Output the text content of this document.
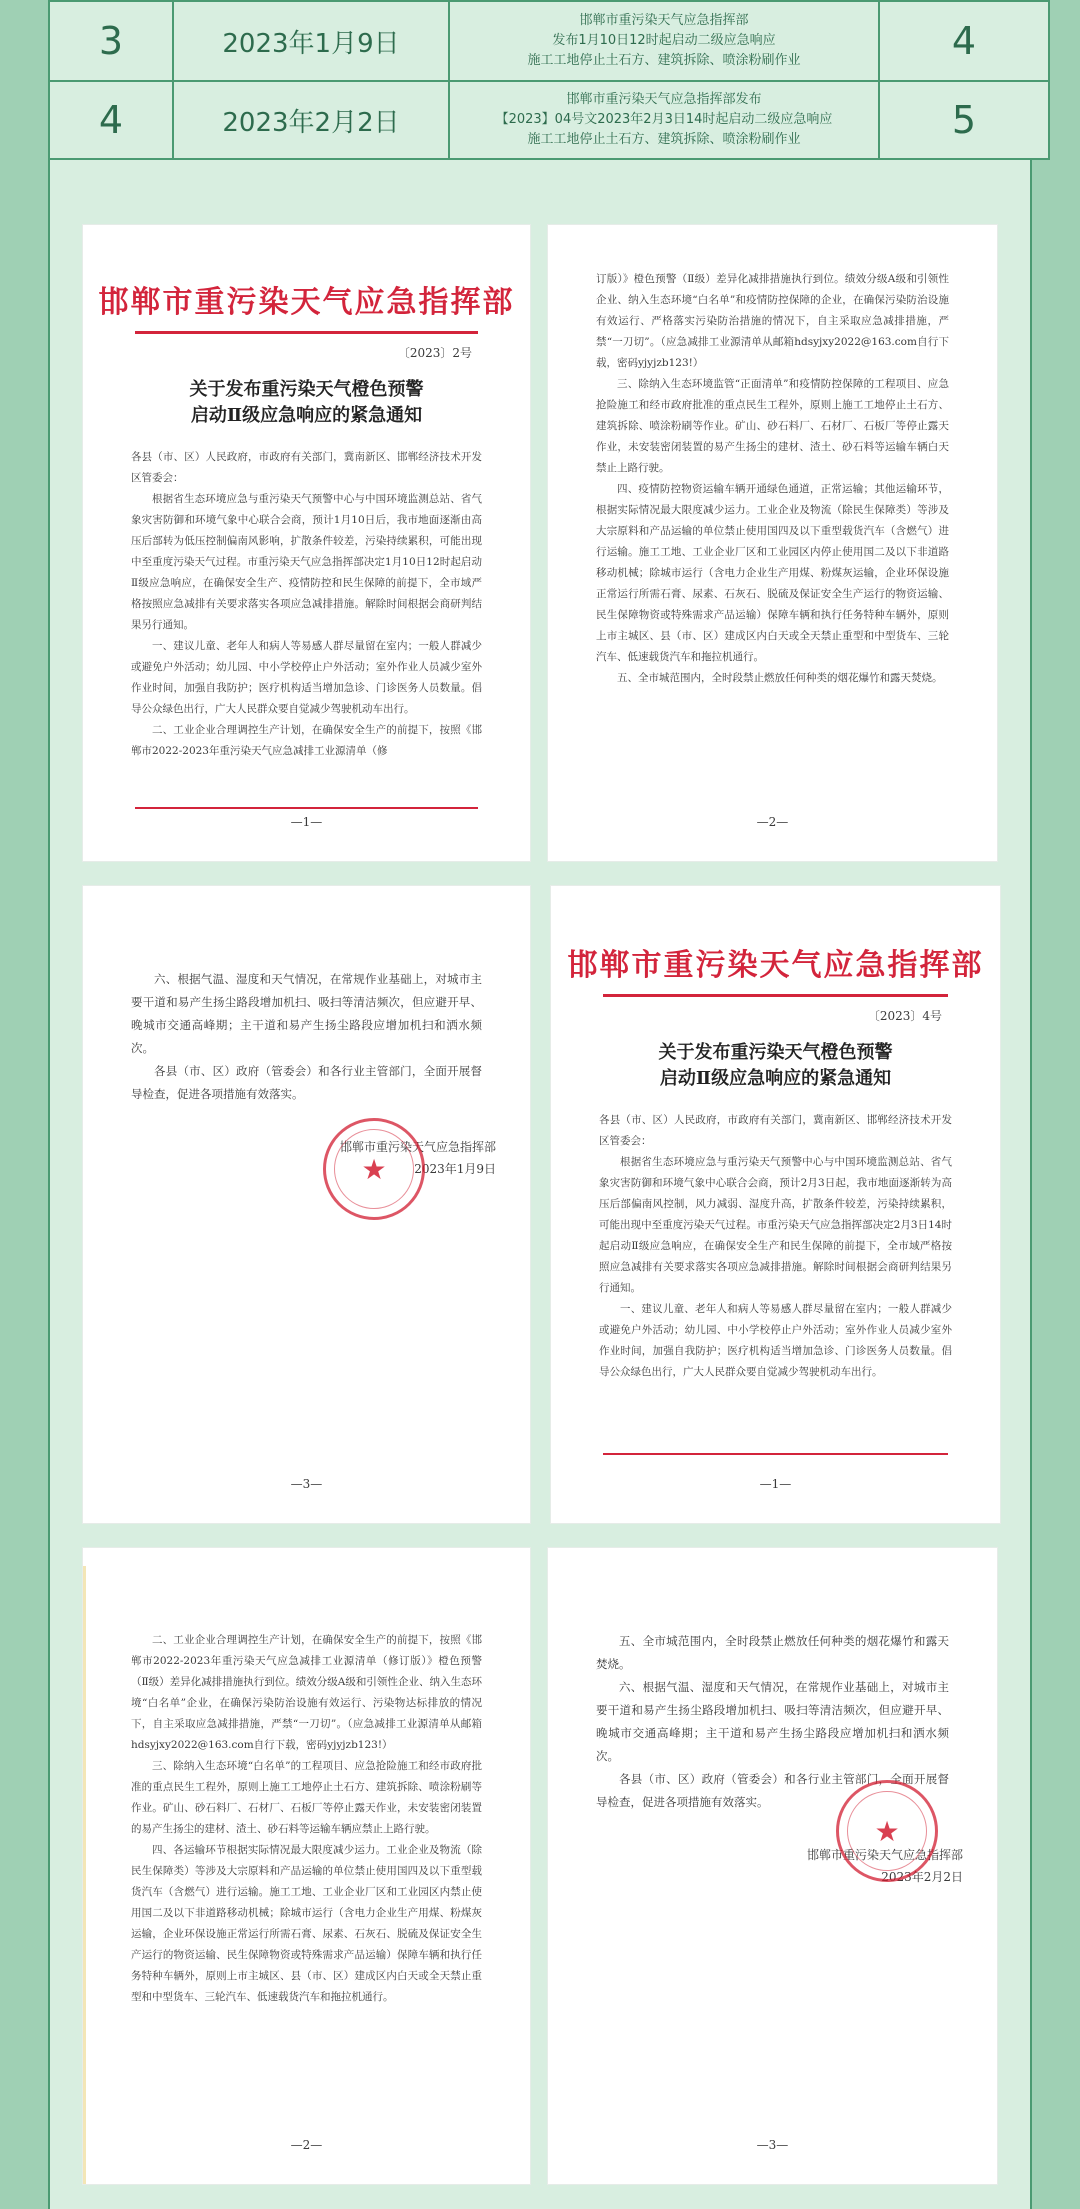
3	2023年1月9日	邯郸市重污染天气应急指挥部
发布1月10日12时起启动二级应急响应
施工工地停止土石方、建筑拆除、喷涂粉刷作业	4
4	2023年2月2日	邯郸市重污染天气应急指挥部发布
【2023】04号文2023年2月3日14时起启动二级应急响应
施工工地停止土石方、建筑拆除、喷涂粉刷作业	5
邯郸市重污染天气应急指挥部
〔2023〕2号
关于发布重污染天气橙色预警
启动Ⅱ级应急响应的紧急通知

各县（市、区）人民政府，市政府有关部门，冀南新区、邯郸经济技术开发区管委会：

根据省生态环境应急与重污染天气预警中心与中国环境监测总站、省气象灾害防御和环境气象中心联合会商，预计1月10日后，我市地面逐渐由高压后部转为低压控制偏南风影响，扩散条件较差，污染持续累积，可能出现中至重度污染天气过程。市重污染天气应急指挥部决定1月10日12时起启动Ⅱ级应急响应，在确保安全生产、疫情防控和民生保障的前提下，全市域严格按照应急减排有关要求落实各项应急减排措施。解除时间根据会商研判结果另行通知。

一、建议儿童、老年人和病人等易感人群尽量留在室内；一般人群减少或避免户外活动；幼儿园、中小学校停止户外活动；室外作业人员减少室外作业时间，加强自我防护；医疗机构适当增加急诊、门诊医务人员数量。倡导公众绿色出行，广大人民群众要自觉减少驾驶机动车出行。

二、工业企业合理调控生产计划，在确保安全生产的前提下，按照《邯郸市2022-2023年重污染天气应急减排工业源清单（修

—1—

订版）》橙色预警（Ⅱ级）差异化减排措施执行到位。绩效分级A级和引领性企业、纳入生态环境“白名单”和疫情防控保障的企业，在确保污染防治设施有效运行、严格落实污染防治措施的情况下，自主采取应急减排措施，严禁“一刀切”。（应急减排工业源清单从邮箱hdsyjxy2022@163.com自行下载，密码yjyjzb123!）

三、除纳入生态环境监管“正面清单”和疫情防控保障的工程项目、应急抢险施工和经市政府批准的重点民生工程外，原则上施工工地停止土石方、建筑拆除、喷涂粉刷等作业。矿山、砂石料厂、石材厂、石板厂等停止露天作业，未安装密闭装置的易产生扬尘的建材、渣土、砂石料等运输车辆白天禁止上路行驶。

四、疫情防控物资运输车辆开通绿色通道，正常运输；其他运输环节，根据实际情况最大限度减少运力。工业企业及物流（除民生保障类）等涉及大宗原料和产品运输的单位禁止使用国四及以下重型载货汽车（含燃气）进行运输。施工工地、工业企业厂区和工业园区内停止使用国二及以下非道路移动机械；除城市运行（含电力企业生产用煤、粉煤灰运输，企业环保设施正常运行所需石膏、尿素、石灰石、脱硫及保证安全生产运行的物资运输、民生保障物资或特殊需求产品运输）保障车辆和执行任务特种车辆外，原则上市主城区、县（市、区）建成区内白天或全天禁止重型和中型货车、三轮汽车、低速载货汽车和拖拉机通行。

五、全市城范围内，全时段禁止燃放任何种类的烟花爆竹和露天焚烧。

—2—

六、根据气温、湿度和天气情况，在常规作业基础上，对城市主要干道和易产生扬尘路段增加机扫、吸扫等清洁频次，但应避开早、晚城市交通高峰期；主干道和易产生扬尘路段应增加机扫和洒水频次。

各县（市、区）政府（管委会）和各行业主管部门，全面开展督导检查，促进各项措施有效落实。

邯郸市重污染天气应急指挥部
2023年1月9日
★
—3—
邯郸市重污染天气应急指挥部
〔2023〕4号
关于发布重污染天气橙色预警
启动Ⅱ级应急响应的紧急通知

各县（市、区）人民政府，市政府有关部门，冀南新区、邯郸经济技术开发区管委会：

根据省生态环境应急与重污染天气预警中心与中国环境监测总站、省气象灾害防御和环境气象中心联合会商，预计2月3日起，我市地面逐渐转为高压后部偏南风控制，风力减弱、湿度升高，扩散条件较差，污染持续累积，可能出现中至重度污染天气过程。市重污染天气应急指挥部决定2月3日14时起启动Ⅱ级应急响应，在确保安全生产和民生保障的前提下，全市域严格按照应急减排有关要求落实各项应急减排措施。解除时间根据会商研判结果另行通知。

一、建议儿童、老年人和病人等易感人群尽量留在室内；一般人群减少或避免户外活动；幼儿园、中小学校停止户外活动；室外作业人员减少室外作业时间，加强自我防护；医疗机构适当增加急诊、门诊医务人员数量。倡导公众绿色出行，广大人民群众要自觉减少驾驶机动车出行。

—1—

二、工业企业合理调控生产计划，在确保安全生产的前提下，按照《邯郸市2022-2023年重污染天气应急减排工业源清单（修订版）》橙色预警（Ⅱ级）差异化减排措施执行到位。绩效分级A级和引领性企业、纳入生态环境“白名单”企业，在确保污染防治设施有效运行、污染物达标排放的情况下，自主采取应急减排措施，严禁“一刀切”。（应急减排工业源清单从邮箱hdsyjxy2022@163.com自行下载，密码yjyjzb123!）

三、除纳入生态环境“白名单”的工程项目、应急抢险施工和经市政府批准的重点民生工程外，原则上施工工地停止土石方、建筑拆除、喷涂粉刷等作业。矿山、砂石料厂、石材厂、石板厂等停止露天作业，未安装密闭装置的易产生扬尘的建材、渣土、砂石料等运输车辆应禁止上路行驶。

四、各运输环节根据实际情况最大限度减少运力。工业企业及物流（除民生保障类）等涉及大宗原料和产品运输的单位禁止使用国四及以下重型载货汽车（含燃气）进行运输。施工工地、工业企业厂区和工业园区内禁止使用国二及以下非道路移动机械；除城市运行（含电力企业生产用煤、粉煤灰运输，企业环保设施正常运行所需石膏、尿素、石灰石、脱硫及保证安全生产运行的物资运输、民生保障物资或特殊需求产品运输）保障车辆和执行任务特种车辆外，原则上市主城区、县（市、区）建成区内白天或全天禁止重型和中型货车、三轮汽车、低速载货汽车和拖拉机通行。

—2—

五、全市城范围内，全时段禁止燃放任何种类的烟花爆竹和露天焚烧。

六、根据气温、湿度和天气情况，在常规作业基础上，对城市主要干道和易产生扬尘路段增加机扫、吸扫等清洁频次，但应避开早、晚城市交通高峰期；主干道和易产生扬尘路段应增加机扫和洒水频次。

各县（市、区）政府（管委会）和各行业主管部门，全面开展督导检查，促进各项措施有效落实。

邯郸市重污染天气应急指挥部
2023年2月2日
★
—3—
